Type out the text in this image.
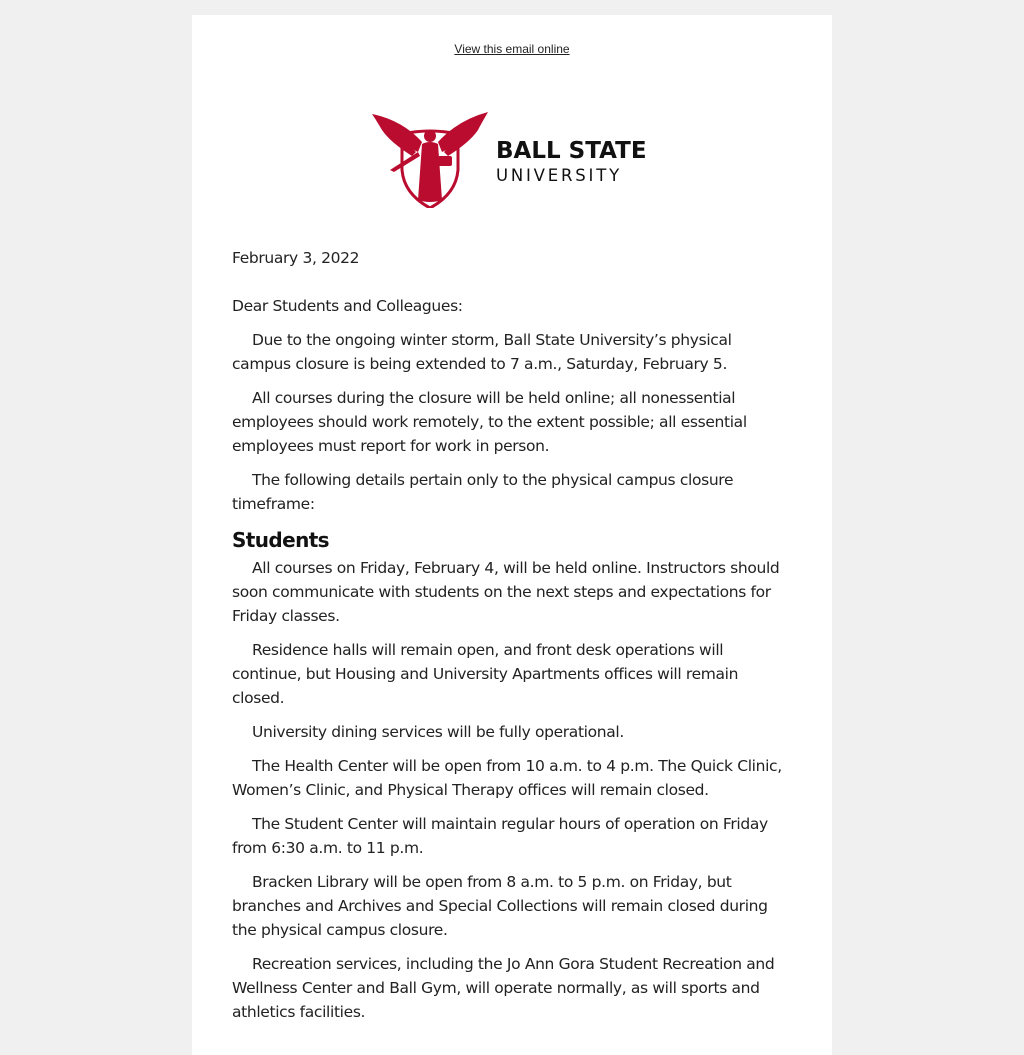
View this email online
BALL STATE
UNIVERSITY

February 3, 2022

Dear Students and Colleagues:

Due to the ongoing winter storm, Ball State University’s physical campus closure is being extended to 7 a.m., Saturday, February 5.

All courses during the closure will be held online; all nonessential employees should work remotely, to the extent possible; all essential employees must report for work in person.

The following details pertain only to the physical campus closure timeframe:

Students

All courses on Friday, February 4, will be held online. Instructors should soon communicate with students on the next steps and expectations for Friday classes.

Residence halls will remain open, and front desk operations will continue, but Housing and University Apartments offices will remain closed.

University dining services will be fully operational.

The Health Center will be open from 10 a.m. to 4 p.m. The Quick Clinic, Women’s Clinic, and Physical Therapy offices will remain closed.

The Student Center will maintain regular hours of operation on Friday from 6:30 a.m. to 11 p.m.

Bracken Library will be open from 8 a.m. to 5 p.m. on Friday, but branches and Archives and Special Collections will remain closed during the physical campus closure.

Recreation services, including the Jo Ann Gora Student Recreation and Wellness Center and Ball Gym, will operate normally, as will sports and athletics facilities.
